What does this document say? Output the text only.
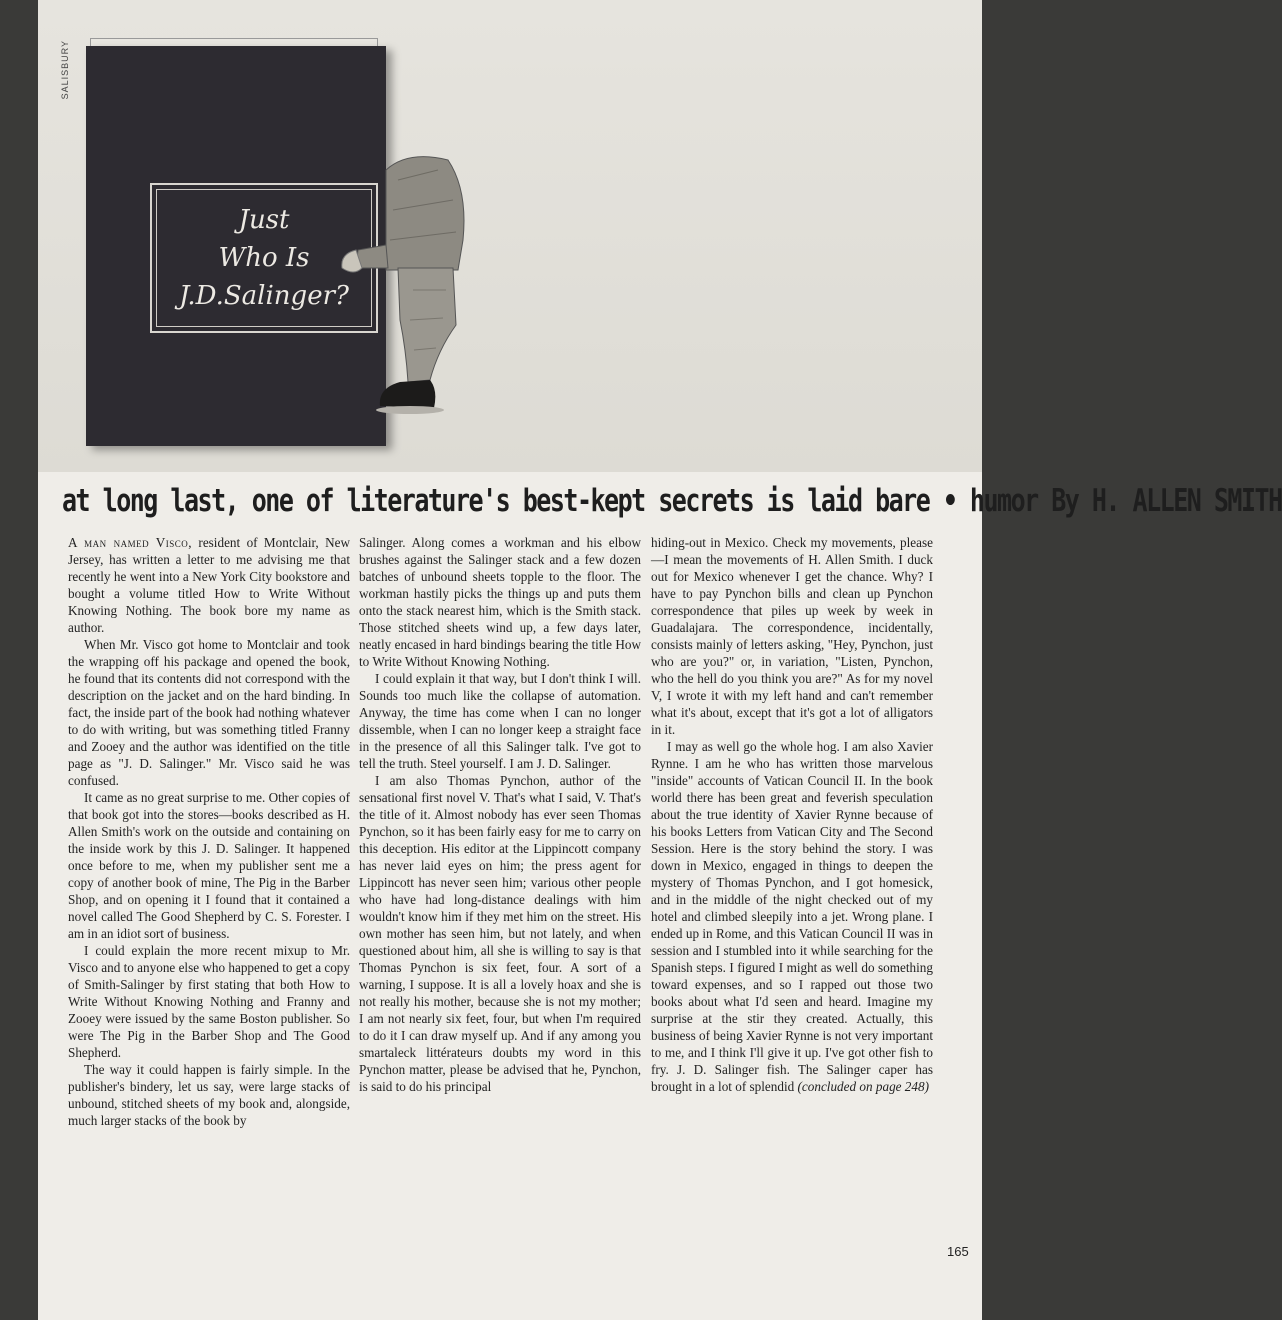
SALISBURY
Just
Who Is
J.D.Salinger?
at long last, one of literature's best-kept secrets is laid bare • humor By H. ALLEN SMITH

A man named Visco, resident of Montclair, New Jersey, has written a letter to me advising me that recently he went into a New York City bookstore and bought a volume titled How to Write Without Knowing Nothing. The book bore my name as author.

When Mr. Visco got home to Montclair and took the wrapping off his package and opened the book, he found that its contents did not correspond with the description on the jacket and on the hard binding. In fact, the inside part of the book had nothing whatever to do with writing, but was something titled Franny and Zooey and the author was identified on the title page as "J. D. Salinger." Mr. Visco said he was confused.

It came as no great surprise to me. Other copies of that book got into the stores—books described as H. Allen Smith's work on the outside and containing on the inside work by this J. D. Salinger. It happened once before to me, when my publisher sent me a copy of another book of mine, The Pig in the Barber Shop, and on opening it I found that it contained a novel called The Good Shepherd by C. S. Forester. I am in an idiot sort of business.

I could explain the more recent mixup to Mr. Visco and to anyone else who happened to get a copy of Smith-Salinger by first stating that both How to Write Without Knowing Nothing and Franny and Zooey were issued by the same Boston publisher. So were The Pig in the Barber Shop and The Good Shepherd.

The way it could happen is fairly simple. In the publisher's bindery, let us say, were large stacks of unbound, stitched sheets of my book and, alongside, much larger stacks of the book by

Salinger. Along comes a workman and his elbow brushes against the Salinger stack and a few dozen batches of unbound sheets topple to the floor. The workman hastily picks the things up and puts them onto the stack nearest him, which is the Smith stack. Those stitched sheets wind up, a few days later, neatly encased in hard bindings bearing the title How to Write Without Knowing Nothing.

I could explain it that way, but I don't think I will. Sounds too much like the collapse of automation. Anyway, the time has come when I can no longer dissemble, when I can no longer keep a straight face in the presence of all this Salinger talk. I've got to tell the truth. Steel yourself. I am J. D. Salinger.

I am also Thomas Pynchon, author of the sensational first novel V. That's what I said, V. That's the title of it. Almost nobody has ever seen Thomas Pynchon, so it has been fairly easy for me to carry on this deception. His editor at the Lippincott company has never laid eyes on him; the press agent for Lippincott has never seen him; various other people who have had long-distance dealings with him wouldn't know him if they met him on the street. His own mother has seen him, but not lately, and when questioned about him, all she is willing to say is that Thomas Pynchon is six feet, four. A sort of a warning, I suppose. It is all a lovely hoax and she is not really his mother, because she is not my mother; I am not nearly six feet, four, but when I'm required to do it I can draw myself up. And if any among you smartaleck littérateurs doubts my word in this Pynchon matter, please be advised that he, Pynchon, is said to do his principal

hiding-out in Mexico. Check my movements, please—I mean the movements of H. Allen Smith. I duck out for Mexico whenever I get the chance. Why? I have to pay Pynchon bills and clean up Pynchon correspondence that piles up week by week in Guadalajara. The correspondence, incidentally, consists mainly of letters asking, "Hey, Pynchon, just who are you?" or, in variation, "Listen, Pynchon, who the hell do you think you are?" As for my novel V, I wrote it with my left hand and can't remember what it's about, except that it's got a lot of alligators in it.

I may as well go the whole hog. I am also Xavier Rynne. I am he who has written those marvelous "inside" accounts of Vatican Council II. In the book world there has been great and feverish speculation about the true identity of Xavier Rynne because of his books Letters from Vatican City and The Second Session. Here is the story behind the story. I was down in Mexico, engaged in things to deepen the mystery of Thomas Pynchon, and I got homesick, and in the middle of the night checked out of my hotel and climbed sleepily into a jet. Wrong plane. I ended up in Rome, and this Vatican Council II was in session and I stumbled into it while searching for the Spanish steps. I figured I might as well do something toward expenses, and so I rapped out those two books about what I'd seen and heard. Imagine my surprise at the stir they created. Actually, this business of being Xavier Rynne is not very important to me, and I think I'll give it up. I've got other fish to fry. J. D. Salinger fish. The Salinger caper has brought in a lot of splendid (concluded on page 248)

165
